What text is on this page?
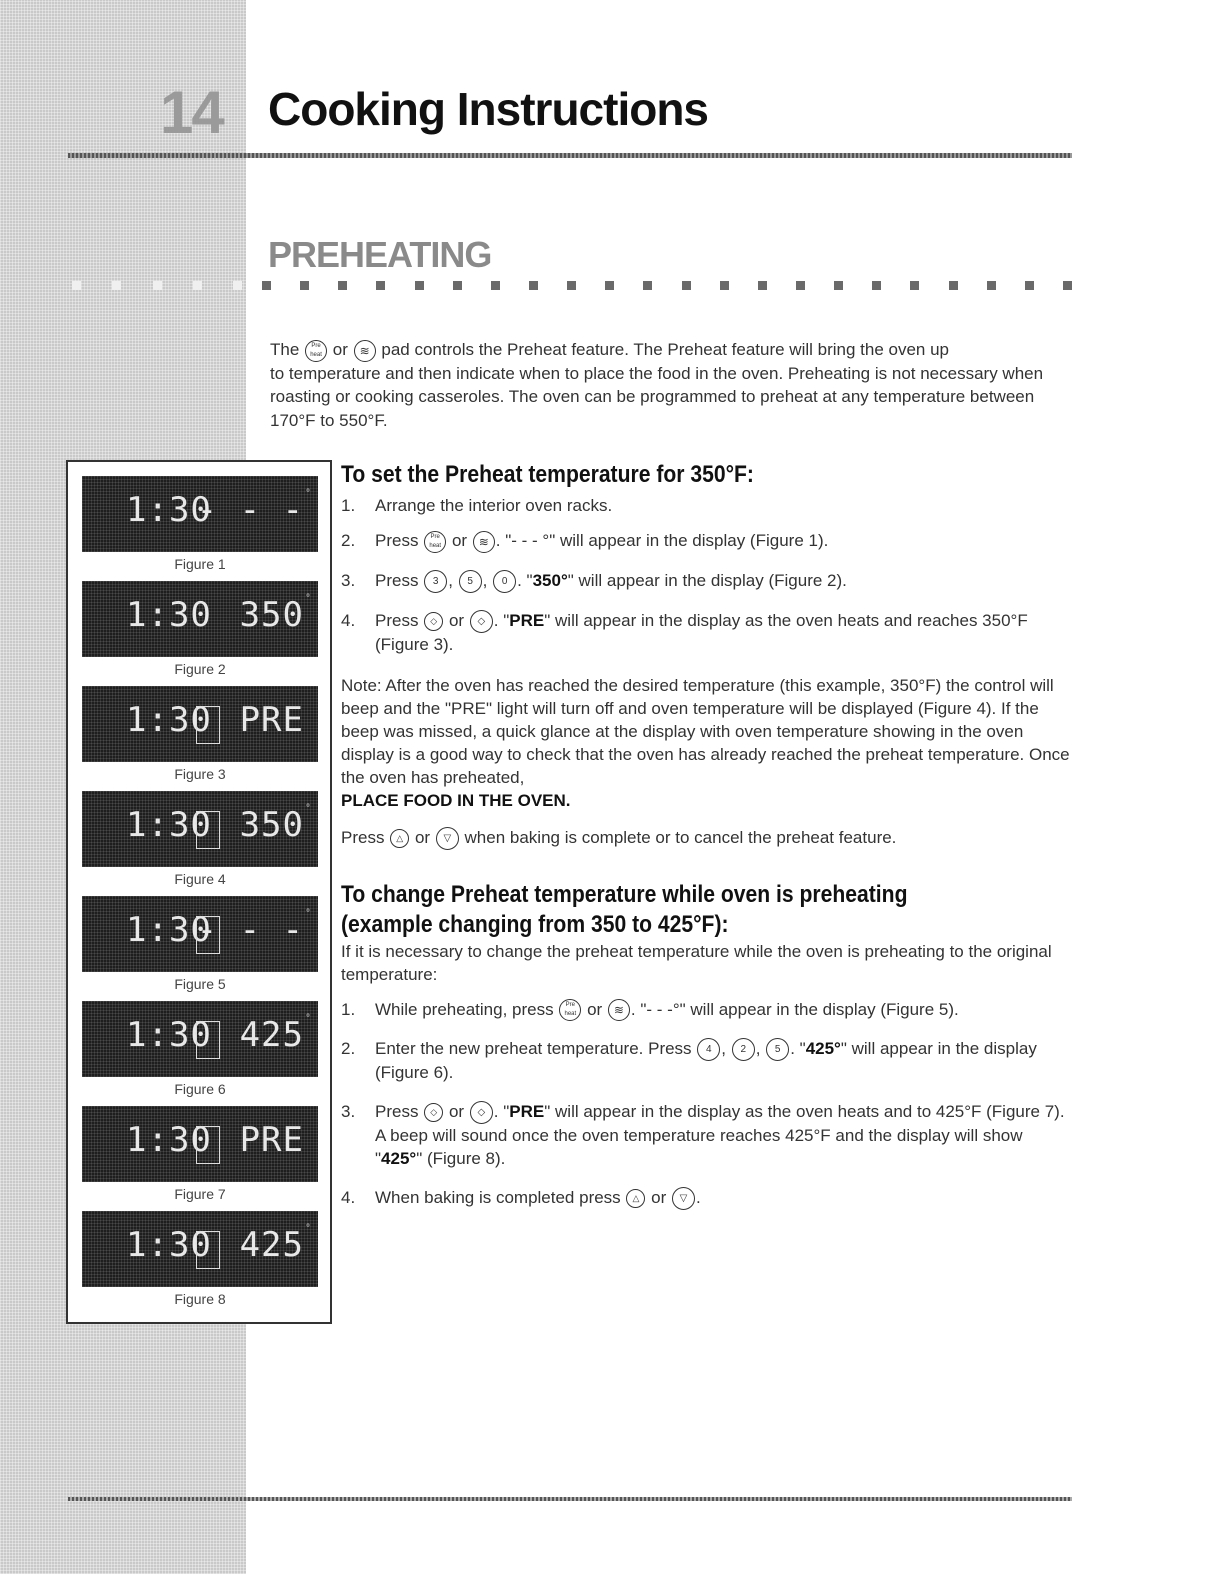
14 Cooking Instructions
PREHEATING

The Pre heat or ≋ pad controls the Preheat feature. The Preheat feature will bring the oven up

to temperature and then indicate when to place the food in the oven. Preheating is not necessary when roasting or cooking casseroles. The oven can be programmed to preheat at any temperature between 170°F to 550°F.

1:30
- - - °
Figure 1
1:30 350 °
Figure 2
1:30 PRE
Figure 3
1:30 350 °
Figure 4
1:30
- - - °
Figure 5
1:30 425 °
Figure 6
1:30 PRE
Figure 7
1:30 425 °
Figure 8
To set the Preheat temperature for 350°F:
1.	Arrange the interior oven racks.
2.	Press Pre heat or ≋ . "- - - °" will appear in the display (Figure 1).
3.	Press 3 , 5 , 0 . "350°" will appear in the display (Figure 2).
4.	Press ◇ or ◇ . "PRE" will appear in the display as the oven heats and reaches 350°F (Figure 3).
Note: After the oven has reached the desired temperature (this example, 350°F) the control will beep and the "PRE" light will turn off and oven temperature will be displayed (Figure 4). If the beep was missed, a quick glance at the display with oven temperature showing in the oven display is a good way to check that the oven has already reached the preheat temperature. Once the oven has preheated,
PLACE FOOD IN THE OVEN.
Press △ or ▽ when baking is complete or to cancel the preheat feature.
To change Preheat temperature while oven is preheating
(example changing from 350 to 425°F):
If it is necessary to change the preheat temperature while the oven is preheating to the original temperature:
1.	While preheating, press Pre heat or ≋ . "- - -°" will appear in the display (Figure 5).
2.	Enter the new preheat temperature. Press 4 , 2 , 5 . "425°" will appear in the display (Figure 6).
3.	Press ◇ or ◇ . "PRE" will appear in the display as the oven heats and to 425°F (Figure 7). A beep will sound once the oven temperature reaches 425°F and the display will show "425°" (Figure 8).
4.	When baking is completed press △ or ▽ .
